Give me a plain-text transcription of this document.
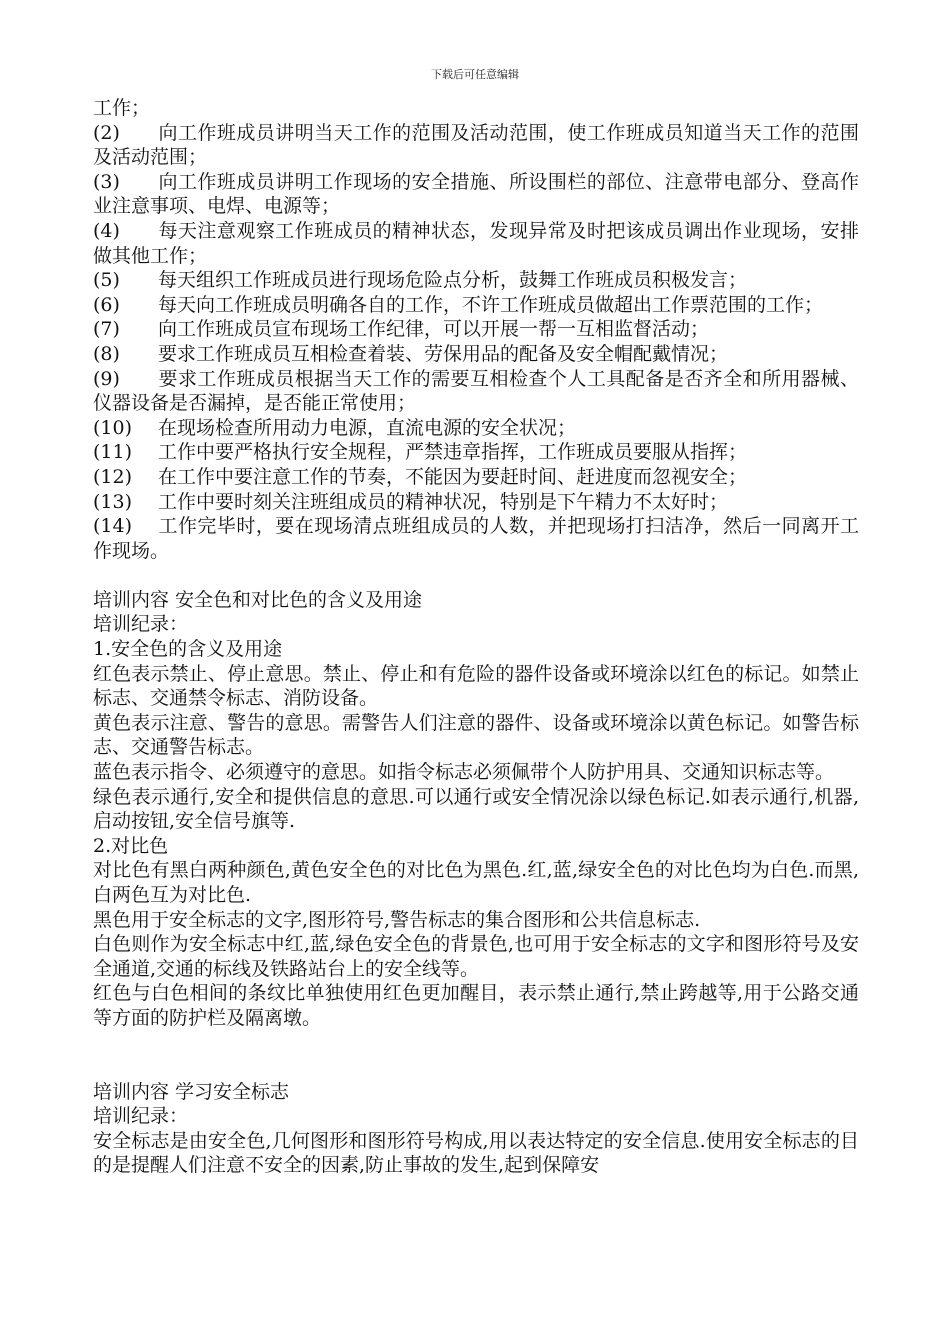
下载后可任意编辑

工作；

(2) 向工作班成员讲明当天工作的范围及活动范围，使工作班成员知道当天工作的范围及活动范围；

(3) 向工作班成员讲明工作现场的安全措施、所设围栏的部位、注意带电部分、登高作业注意事项、电焊、电源等；

(4) 每天注意观察工作班成员的精神状态，发现异常及时把该成员调出作业现场，安排做其他工作；

(5) 每天组织工作班成员进行现场危险点分析，鼓舞工作班成员积极发言；

(6) 每天向工作班成员明确各自的工作，不许工作班成员做超出工作票范围的工作；

(7) 向工作班成员宣布现场工作纪律，可以开展一帮一互相监督活动；

(8) 要求工作班成员互相检查着装、劳保用品的配备及安全帽配戴情况；

(9) 要求工作班成员根据当天工作的需要互相检查个人工具配备是否齐全和所用器械、仪器设备是否漏掉，是否能正常使用；

(10) 在现场检查所用动力电源，直流电源的安全状况；

(11) 工作中要严格执行安全规程，严禁违章指挥，工作班成员要服从指挥；

(12) 在工作中要注意工作的节奏，不能因为要赶时间、赶进度而忽视安全；

(13) 工作中要时刻关注班组成员的精神状况，特别是下午精力不太好时；

(14) 工作完毕时，要在现场清点班组成员的人数，并把现场打扫洁净，然后一同离开工作现场。

培训内容 安全色和对比色的含义及用途

培训纪录：

1.安全色的含义及用途

红色表示禁止、停止意思。禁止、停止和有危险的器件设备或环境涂以红色的标记。如禁止标志、交通禁令标志、消防设备。

黄色表示注意、警告的意思。需警告人们注意的器件、设备或环境涂以黄色标记。如警告标志、交通警告标志。

蓝色表示指令、必须遵守的意思。如指令标志必须佩带个人防护用具、交通知识标志等。

绿色表示通行,安全和提供信息的意思.可以通行或安全情况涂以绿色标记.如表示通行,机器,启动按钮,安全信号旗等.

2.对比色

对比色有黑白两种颜色,黄色安全色的对比色为黑色.红,蓝,绿安全色的对比色均为白色.而黑,白两色互为对比色.

黑色用于安全标志的文字,图形符号,警告标志的集合图形和公共信息标志.

白色则作为安全标志中红,蓝,绿色安全色的背景色,也可用于安全标志的文字和图形符号及安全通道,交通的标线及铁路站台上的安全线等。

红色与白色相间的条纹比单独使用红色更加醒目，表示禁止通行,禁止跨越等,用于公路交通等方面的防护栏及隔离墩。

培训内容 学习安全标志

培训纪录：

安全标志是由安全色,几何图形和图形符号构成,用以表达特定的安全信息.使用安全标志的目的是提醒人们注意不安全的因素,防止事故的发生,起到保障安
